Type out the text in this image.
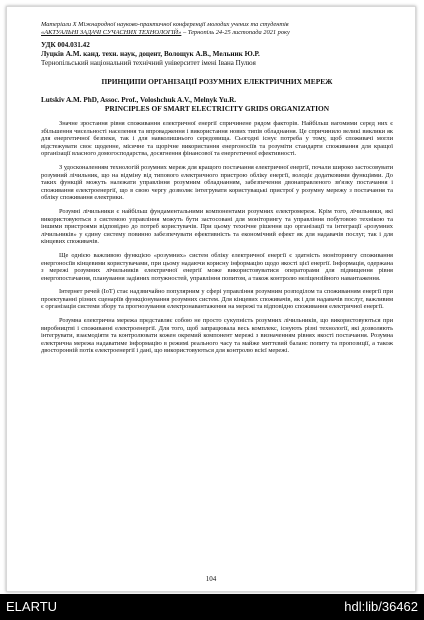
Матеріали X Міжнародної науково-практичної конференції молодих учених та студентів
«АКТУАЛЬНІ ЗАДАЧІ СУЧАСНИХ ТЕХНОЛОГІЙ» – Тернопіль 24-25 листопада 2021 року
УДК 004.031.42
Луцків А.М. канд. техн. наук, доцент, Волощук А.В., Мельник Ю.Р.
Тернопільський національний технічний університет імені Івана Пулюя
ПРИНЦИПИ ОРГАНІЗАЦІЇ РОЗУМНИХ ЕЛЕКТРИЧНИХ МЕРЕЖ
Lutskiv A.M. PhD, Assoc. Prof., Voloshchuk A.V., Melnyk Yu.R.
PRINCIPLES OF SMART ELECTRICITY GRIDS ORGANIZATION

Значне зростання рівня споживання електричної енергії спричинене рядом факторів. Найбільш вагомими серед них є збільшення чисельності населення та впровадження і використання нових типів обладнання. Це спричинило великі виклики як для енергетичної безпеки, так і для навколишнього середовища. Сьогодні існує потреба у тому, щоб споживачі могли відстежувати своє щоденне, місячне та щорічне використання енергоносіїв та розуміти стандарти споживання для кращої організації власного домогосподарства, досягнення фінансової та енергетичної ефективності.

З удосконаленням технологій розумних мереж для кращого постачання електричної енергії, почали широко застосовувати розумний лічильник, що на відміну від типового електричного пристрою обліку енергії, володіє додатковими функціями. До таких функцій можуть належати управління розумним обладнанням, забезпечення двонаправленого зв'язку постачання і споживання електроенергії, що в свою чергу дозволяє інтегрувати користувацькі пристрої у розумну мережу з постачання та обліку споживання електрики.

Розумні лічильники є найбільш фундаментальними компонентами розумних електромереж. Крім того, лічильники, які використовуються з системою управління можуть бути застосовані для моніторингу та управління побутовою технікою та іншими пристроями відповідно до потреб користувачів. При цьому технічне рішення що організації та інтеграції «розумних лічильників» у єдину систему повинно забезпечувати ефективність та економічний ефект як для надавачів послуг, так і для кінцевих споживачів.

Ще однією важливою функцією «розумних» систем обліку електричної енергії є здатність моніторингу споживання енергоносіїв кінцевими користувачами, при цьому надаючи корисну інформацію щодо якості цієї енергії. Інформація, одержана з мережі розумних лічильників електричної енергії може використовуватися операторами для підвищення рівня енергопостачання, планування задіяних потужностей, управління попитом, а також контролю неліцензійного навантаження.

Інтернет речей (IoT) стає надзвичайно популярним у сфері управління розумним розподілом та споживанням енергії при проектуванні різних сценаріїв функціонування розумних систем. Для кінцевих споживачів, як і для надавачів послуг, важливим є організація системи збору та прогнозування електронавантаження на мережі та відповідно споживання електричної енергії.

Розумна електрична мережа представляє собою не просто сукупність розумних лічильників, що використовуються при виробництві і споживанні електроенергії. Для того, щоб запрацювала весь комплекс, існують різні технології, які дозволяють інтегрувати, взаємодіяти та контролювати кожен окремий компонент мережі з визначенням рівнях якості постачання. Розумна електрична мережа надаватиме інформацію в режимі реального часу та майже миттєвий баланс попиту та пропозиції, а також двосторонній потік електроенергії і дані, що використовуються для контролю всієї мережі.

104
ELARTU	hdl:lib/36462
